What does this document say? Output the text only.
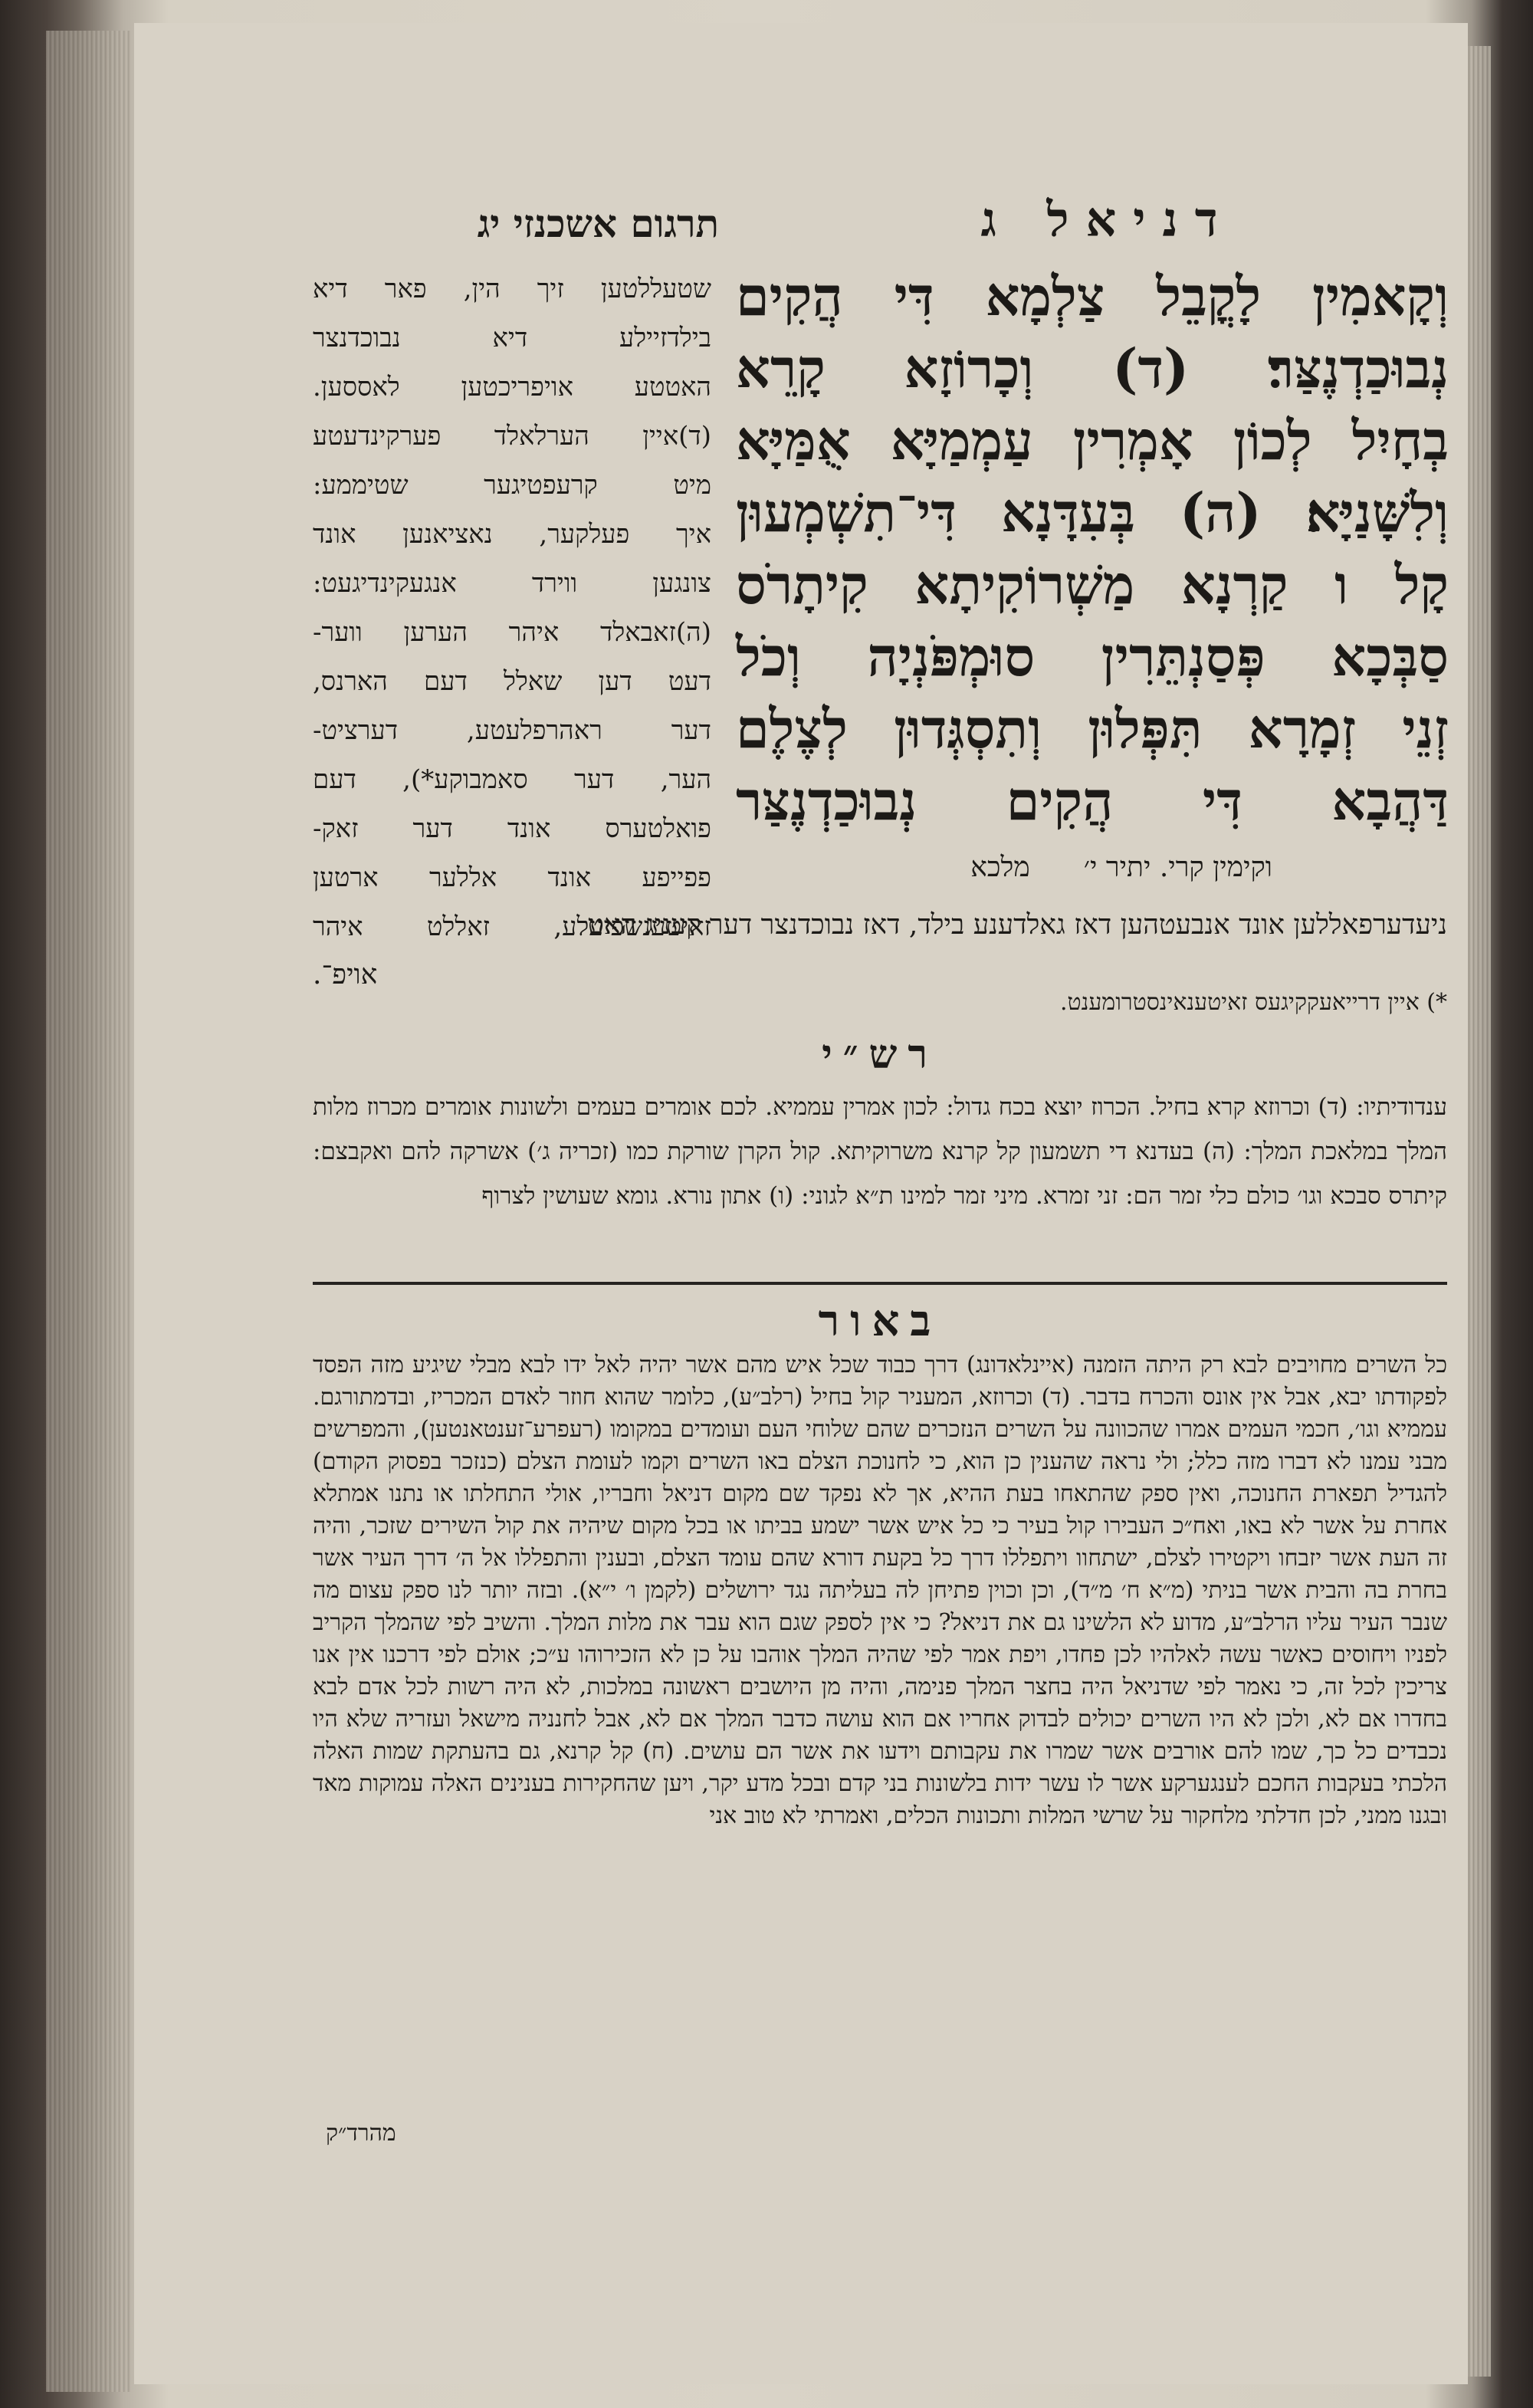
דניאל ג
תרגום אשכנזי יג
וְקָאמִין לָקֳבֵל צַלְמָא דִּי הֲקִים
נְבוּכַדְנֶצַּר׃ (ד) וְכָרוֹזָא קָרֵא
בְחָיִל לְכוֹן אָמְרִין עַמְמַיָּא אֻמַּיָּא
וְלִשָּׁנַיָּא׃ (ה) בְּעִדָּנָא דִּי־תִשְׁמְעוּן
קָל ו קַרְנָא מַשְׁרוֹקִיתָא קִיתָרֹס
סַבְּכָא פְּסַנְתֵּרִין סוּמְפֹּנְיָה וְכֹל
זְנֵי זְמָרָא תִּפְּלוּן וְתִסְגְּדוּן לְצֶלֶם
דַּהֲבָא דִּי הֲקִים נְבוּכַדְנֶצַּר
וקימין קרי. יתיר י׳מלכא
שטעללטען זיך הין, פאר דיא
בילדזיילע דיא נבוכדנצר
האטטע אויפריכטען לאססען.
(ד)איין הערלאלד פערקינדעטע
מיט קרעפטיגער שטיממע:
איך פעלקער, נאציאנען אונד
צונגען ווירד אנגעקינדיגעט:
(ה)זאבאלד איהר הערען ווער-
דעט דען שאלל דעם הארנס,
דער ראהרפלעטע, דערציט-
הער, דער סאמבוקע*), דעם
פואלטערס אונד דער זאק-
פפייפע אונד אללער ארטען
זאיטענשפיעלע, זאללט איהר
ניעדערפאללען אונד אנבעטהען דאז גאלדענע בילד, דאז נבוכדנצר דער קעניג האט
אויפ־.
*) איין דרייאעקקיגעס זאיטענאינסטרומענט.
רש״י
ענדודיתיו: (ד) וכרוזא קרא בחיל. הכרוז יוצא בכח גדול: לכון אמרין עממיא. לכם אומרים בעמים ולשונות אומרים מכרוז מלות המלך במלאכת המלך: (ה) בעדנא די תשמעון קל קרנא משרוקיתא. קול הקרן שורקת כמו (זכריה ג׳) אשרקה להם ואקבצם: קיתרס סבכא וגו׳ כולם כלי זמר הם: זני זמרא. מיני זמר למינו ת״א לגוני: (ו) אתון נורא. גומא שעושין לצרוף
באור
כל השרים מחויבים לבא רק היתה הזמנה (איינלאדונג) דרך כבוד שכל איש מהם אשר יהיה לאל ידו לבא מבלי שיגיע מזה הפסד לפקודתו יבא, אבל אין אונס והכרח בדבר. (ד) וכרוזא, המעניר קול בחיל (רלב״ע), כלומר שהוא חוזר לאדם המכריז, ובדמתורגם. עממיא וגו׳, חכמי העמים אמרו שהכוונה על השרים הנזכרים שהם שלוחי העם ועומדים במקומו (רעפרע־זענטאנטען), והמפרשים מבני עמנו לא דברו מזה כלל; ולי נראה שהענין כן הוא, כי לחנוכת הצלם באו השרים וקמו לעומת הצלם (כנזכר בפסוק הקודם) להגדיל תפארת החנוכה, ואין ספק שהתאחו בעת ההיא, אך לא נפקד שם מקום דניאל וחבריו, אולי התחלתו או נתנו אמתלא אחרת על אשר לא באו, ואח״כ העבירו קול בעיר כי כל איש אשר ישמע בביתו או בכל מקום שיהיה את קול השירים שזכר, והיה זה העת אשר יזבחו ויקטירו לצלם, ישתחוו ויתפללו דרך כל בקעת דורא שהם עומד הצלם, ובענין והתפללו אל ה׳ דרך העיר אשר בחרת בה והבית אשר בניתי (מ״א ח׳ מ״ד), וכן וכוין פתיחן לה בעליתה נגד ירושלים (לקמן ו׳ י״א). ובזה יותר לנו ספק עצום מה שנבר העיר עליו הרלב״ע, מדוע לא הלשינו גם את דניאל? כי אין לספק שגם הוא עבר את מלות המלך. והשיב לפי שהמלך הקריב לפניו ויחוסים כאשר עשה לאלהיו לכן פחדו, ויפת אמר לפי שהיה המלך אוהבו על כן לא הזכירוהו ע״כ; אולם לפי דרכנו אין אנו צריכין לכל זה, כי נאמר לפי שדניאל היה בחצר המלך פנימה, והיה מן היושבים ראשונה במלכות, לא היה רשות לכל אדם לבא בחדרו אם לא, ולכן לא היו השרים יכולים לבדוק אחריו אם הוא עושה כדבר המלך אם לא, אבל לחנניה מישאל ועזריה שלא היו נכבדים כל כך, שמו להם אורבים אשר שמרו את עקבותם וידעו את אשר הם עושים. (ח) קל קרנא, גם בהעתקת שמות האלה הלכתי בעקבות החכם לענגערקע אשר לו עשר ידות בלשונות בני קדם ובכל מדע יקר, ויען שהחקירות בענינים האלה עמוקות מאד ובגנו ממני, לכן חדלתי מלחקור על שרשי המלות ותכונות הכלים, ואמרתי לא טוב אני
מהרד״ק
